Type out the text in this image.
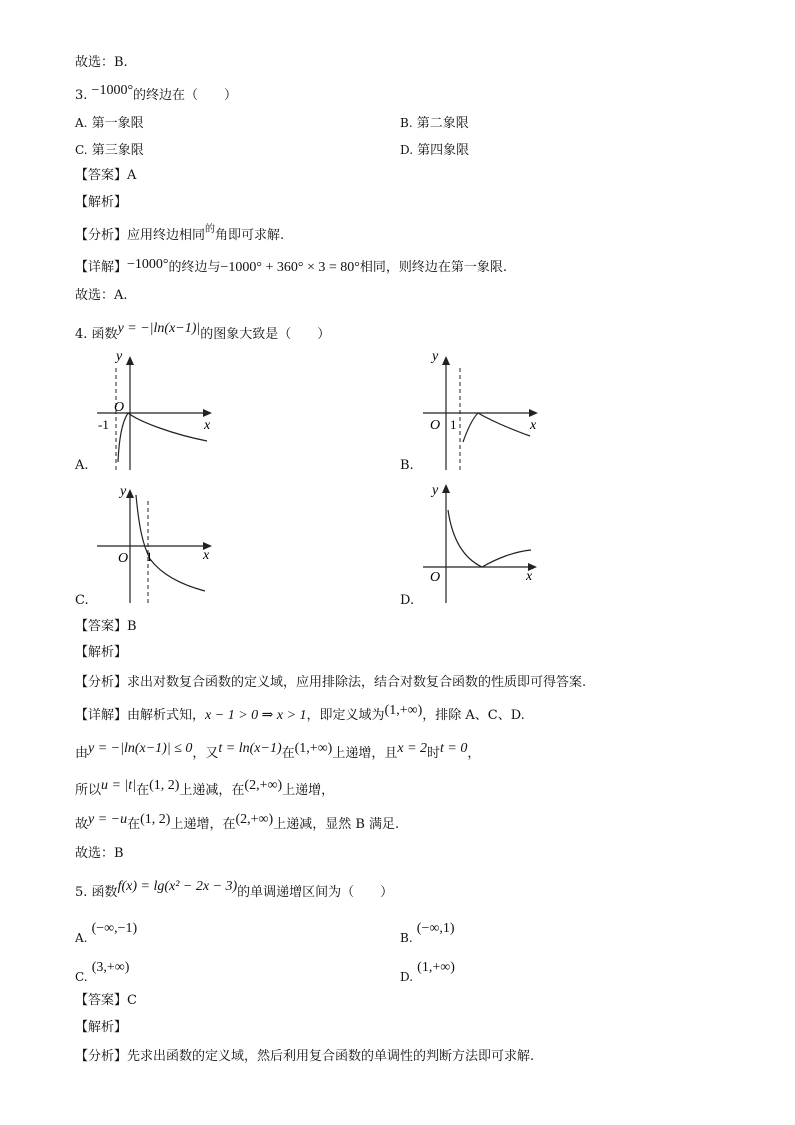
故选：B.
3. −1000°的终边在（　　）
A. 第一象限	B. 第二象限
C. 第三象限	D. 第四象限
【答案】A
【解析】
【分析】应用终边相同$^的$角即可求解.
【详解】−1000°的终边与−1000° + 360° × 3 = 80°相同，则终边在第一象限.
故选：A.
4. 函数y = −|ln(x−1)|的图象大致是（　　）
y
x
O
-1
A.
y
x
O 1
B.
y
x
O 1
C.
y
x
O
D.
【答案】B
【解析】
【分析】求出对数复合函数的定义域，应用排除法，结合对数复合函数的性质即可得答案.
【详解】由解析式知，x − 1 > 0 ⇒ x > 1，即定义域为(1,+∞)，排除 A、C、D.
由y = −|ln(x−1)| ≤ 0，又t = ln(x−1)在(1,+∞)上递增，且x = 2时t = 0，
所以u = |t|在(1, 2)上递减，在(2,+∞)上递增，
故y = −u在(1, 2)上递增，在(2,+∞)上递减，显然 B 满足.
故选：B
5. 函数f(x) = lg(x² − 2x − 3)的单调递增区间为（　　）
A. (−∞,−1)
B. (−∞,1)
C. (3,+∞)
D. (1,+∞)
【答案】C
【解析】
【分析】先求出函数的定义域，然后利用复合函数的单调性的判断方法即可求解.
